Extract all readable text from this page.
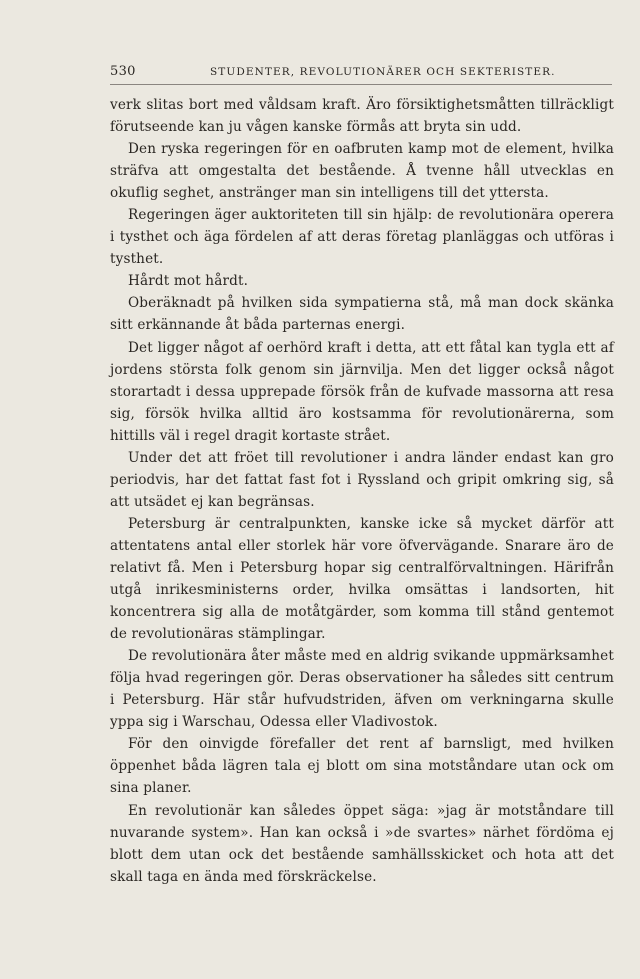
530	STUDENTER, REVOLUTIONÄRER OCH SEKTERISTER.

verk slitas bort med våldsam kraft. Äro försiktighetsmåtten tillräckligt förutseende kan ju vågen kanske förmås att bryta sin udd.

Den ryska regeringen för en oafbruten kamp mot de element, hvilka sträfva att omgestalta det bestående. Å tvenne håll utvecklas en okuflig seghet, anstränger man sin intelligens till det yttersta.

Regeringen äger auktoriteten till sin hjälp: de revolutionära operera i tysthet och äga fördelen af att deras företag planläggas och utföras i tysthet.

Hårdt mot hårdt.

Oberäknadt på hvilken sida sympatierna stå, må man dock skänka sitt erkännande åt båda parternas energi.

Det ligger något af oerhörd kraft i detta, att ett fåtal kan tygla ett af jordens största folk genom sin järnvilja. Men det ligger också något storartadt i dessa upprepade försök från de kufvade massorna att resa sig, försök hvilka alltid äro kostsamma för revolutionärerna, som hittills väl i regel dragit kortaste strået.

Under det att fröet till revolutioner i andra länder endast kan gro periodvis, har det fattat fast fot i Ryssland och gripit omkring sig, så att utsädet ej kan begränsas.

Petersburg är centralpunkten, kanske icke så mycket därför att attentatens antal eller storlek här vore öfvervägande. Snarare äro de relativt få. Men i Petersburg hopar sig centralförvaltningen. Härifrån utgå inrikesministerns order, hvilka omsättas i landsorten, hit koncentrera sig alla de motåtgärder, som komma till stånd gentemot de revolutionäras stämplingar.

De revolutionära åter måste med en aldrig svikande uppmärksamhet följa hvad regeringen gör. Deras observationer ha således sitt centrum i Petersburg. Här står hufvudstriden, äfven om verkningarna skulle yppa sig i Warschau, Odessa eller Vladivostok.

För den oinvigde förefaller det rent af barnsligt, med hvilken öppenhet båda lägren tala ej blott om sina motståndare utan ock om sina planer.

En revolutionär kan således öppet säga: »jag är motståndare till nuvarande system». Han kan också i »de svartes» närhet fördöma ej blott dem utan ock det bestående samhällsskicket och hota att det skall taga en ända med förskräckelse.
